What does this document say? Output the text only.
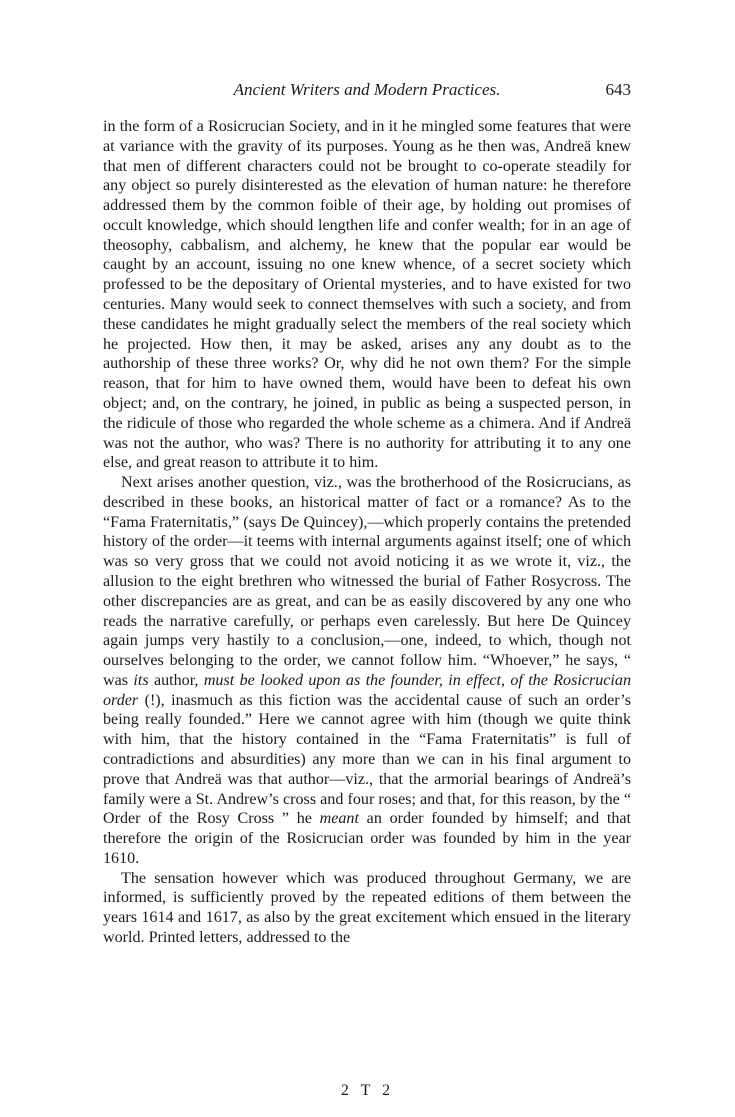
Ancient Writers and Modern Practices.	643

in the form of a Rosicrucian Society, and in it he mingled some features that were at variance with the gravity of its purposes. Young as he then was, Andreä knew that men of different characters could not be brought to co-operate steadily for any object so purely disinterested as the elevation of human nature: he therefore addressed them by the common foible of their age, by holding out promises of occult knowledge, which should lengthen life and confer wealth; for in an age of theosophy, cabbalism, and alchemy, he knew that the popular ear would be caught by an account, issuing no one knew whence, of a secret society which professed to be the depositary of Oriental mysteries, and to have existed for two centuries. Many would seek to connect themselves with such a society, and from these candidates he might gradually select the members of the real society which he projected. How then, it may be asked, arises any any doubt as to the authorship of these three works? Or, why did he not own them? For the simple reason, that for him to have owned them, would have been to defeat his own object; and, on the contrary, he joined, in public as being a suspected person, in the ridicule of those who regarded the whole scheme as a chimera. And if Andreä was not the author, who was? There is no authority for attributing it to any one else, and great reason to attribute it to him.

Next arises another question, viz., was the brotherhood of the Rosicrucians, as described in these books, an historical matter of fact or a romance? As to the “Fama Fraternitatis,” (says De Quincey),—which properly contains the pretended history of the order—it teems with internal arguments against itself; one of which was so very gross that we could not avoid noticing it as we wrote it, viz., the allusion to the eight brethren who witnessed the burial of Father Rosycross. The other discrepancies are as great, and can be as easily discovered by any one who reads the narrative carefully, or perhaps even carelessly. But here De Quincey again jumps very hastily to a conclusion,—one, indeed, to which, though not ourselves belonging to the order, we cannot follow him. “Whoever,” he says, “ was its author, must be looked upon as the founder, in effect, of the Rosicrucian order (!), inasmuch as this fiction was the accidental cause of such an order’s being really founded.” Here we cannot agree with him (though we quite think with him, that the history contained in the “Fama Fraternitatis” is full of contradictions and absurdities) any more than we can in his final argument to prove that Andreä was that author—viz., that the armorial bearings of Andreä’s family were a St. Andrew’s cross and four roses; and that, for this reason, by the “ Order of the Rosy Cross ” he meant an order founded by himself; and that therefore the origin of the Rosicrucian order was founded by him in the year 1610.

The sensation however which was produced throughout Germany, we are informed, is sufficiently proved by the repeated editions of them between the years 1614 and 1617, as also by the great excitement which ensued in the literary world. Printed letters, addressed to the

2 T 2
